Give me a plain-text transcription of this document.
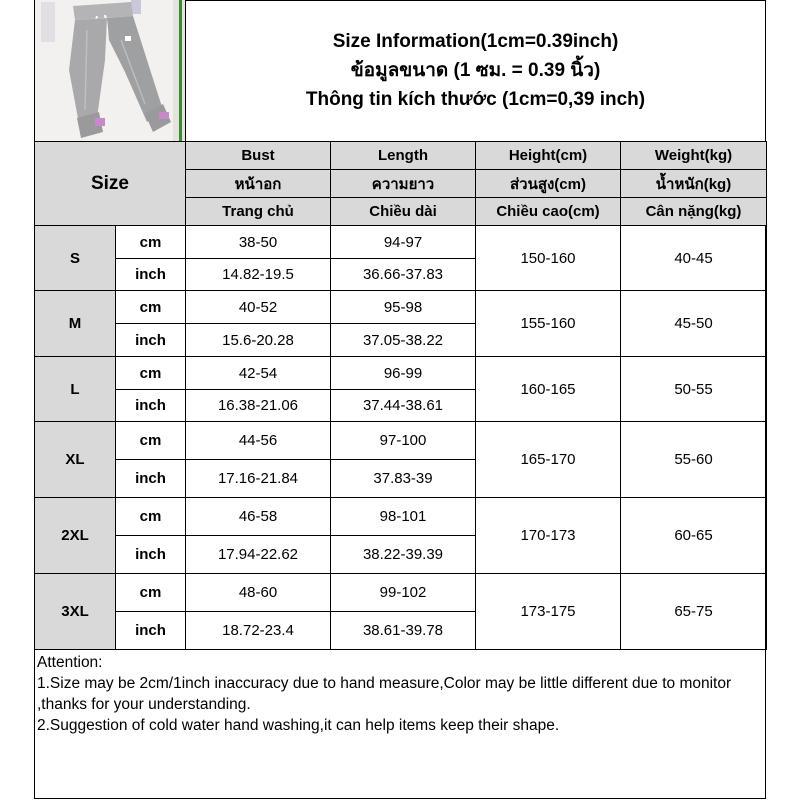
Size Information(1cm=0.39inch)
ข้อมูลขนาด (1 ซม. = 0.39 นิ้ว)
Thông tin kích thước (1cm=0,39 inch)
Size		Bust	Length	Height(cm)	Weight(kg)
		หน้าอก	ความยาว	ส่วนสูง(cm)	น้ำหนัก(kg)
		Trang chủ	Chiều dài	Chiều cao(cm)	Cân nặng(kg)
S	cm	38-50	94-97	150-160	40-45
	inch	14.82-19.5	36.66-37.83		
M	cm	40-52	95-98	155-160	45-50
	inch	15.6-20.28	37.05-38.22		
L	cm	42-54	96-99	160-165	50-55
	inch	16.38-21.06	37.44-38.61		
XL	cm	44-56	97-100	165-170	55-60
	inch	17.16-21.84	37.83-39		
2XL	cm	46-58	98-101	170-173	60-65
	inch	17.94-22.62	38.22-39.39		
3XL	cm	48-60	99-102	173-175	65-75
	inch	18.72-23.4	38.61-39.78		
Attention:
1.Size may be 2cm/1inch inaccuracy due to hand measure,Color may be little different due to monitor ,thanks for your understanding.
2.Suggestion of cold water hand washing,it can help items keep their shape.
